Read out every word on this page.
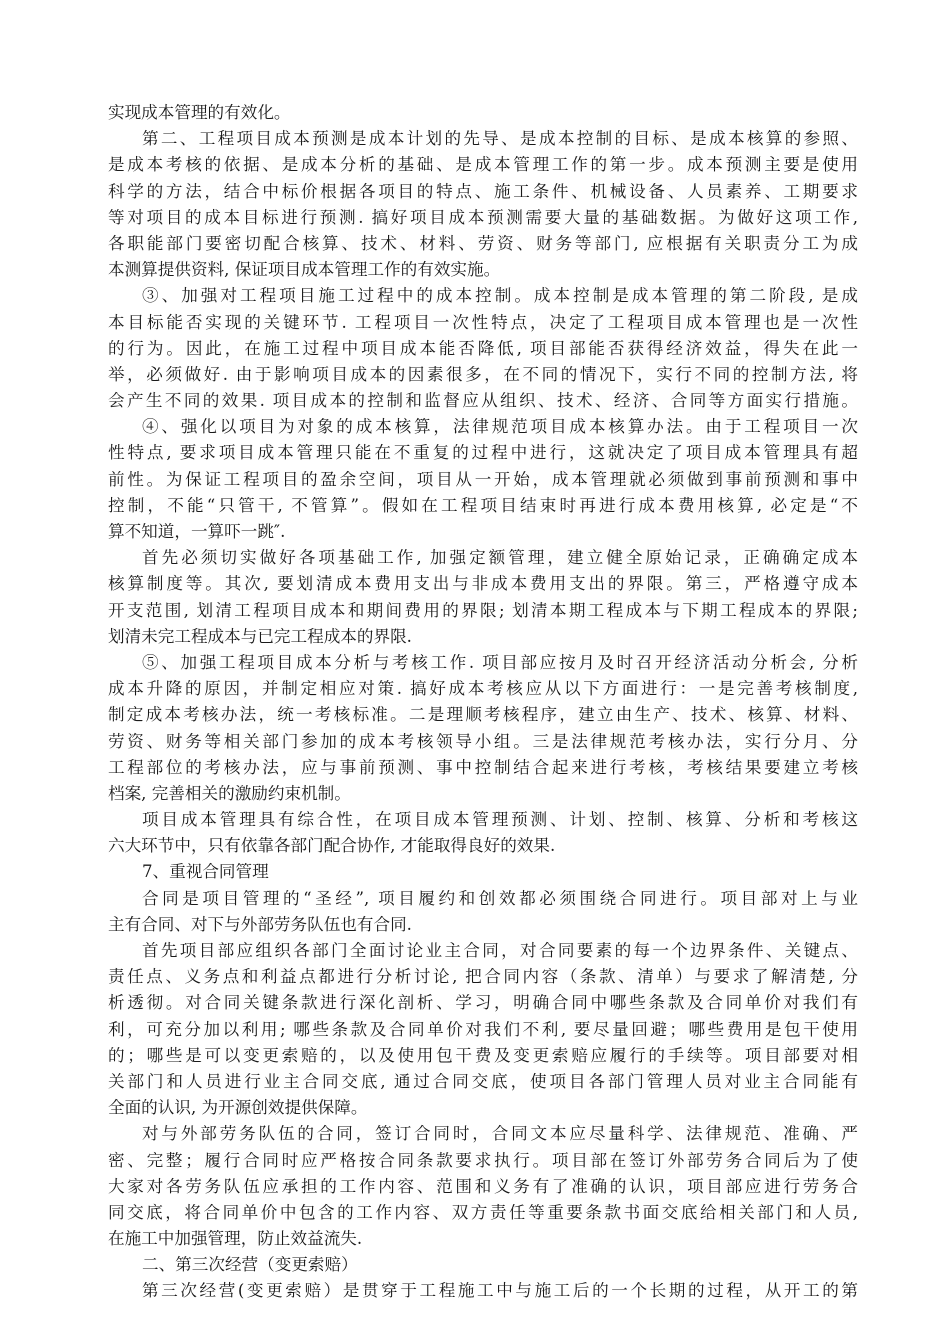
实现成本管理的有效化。
第二、工程项目成本预测是成本计划的先导、是成本控制的目标、是成本核算的参照、
是成本考核的依据、是成本分析的基础、是成本管理工作的第一步。成本预测主要是使用
科学的方法，结合中标价根据各项目的特点、施工条件、机械设备、人员素养、工期要求
等对项目的成本目标进行预测. 搞好项目成本预测需要大量的基础数据。为做好这项工作,
各职能部门要密切配合核算、技术、材料、劳资、财务等部门, 应根据有关职责分工为成
本测算提供资料, 保证项目成本管理工作的有效实施。
③、加强对工程项目施工过程中的成本控制。成本控制是成本管理的第二阶段, 是成
本目标能否实现的关键环节. 工程项目一次性特点，决定了工程项目成本管理也是一次性
的行为。因此，在施工过程中项目成本能否降低, 项目部能否获得经济效益，得失在此一
举，必须做好. 由于影响项目成本的因素很多，在不同的情况下，实行不同的控制方法, 将
会产生不同的效果. 项目成本的控制和监督应从组织、技术、经济、合同等方面实行措施。
④、强化以项目为对象的成本核算，法律规范项目成本核算办法。由于工程项目一次
性特点, 要求项目成本管理只能在不重复的过程中进行，这就决定了项目成本管理具有超
前性。为保证工程项目的盈余空间，项目从一开始，成本管理就必须做到事前预测和事中
控制，不能“只管干, 不管算”。假如在工程项目结束时再进行成本费用核算, 必定是“不
算不知道，一算吓一跳″.
首先必须切实做好各项基础工作, 加强定额管理，建立健全原始记录，正确确定成本
核算制度等。其次, 要划清成本费用支出与非成本费用支出的界限。第三，严格遵守成本
开支范围, 划清工程项目成本和期间费用的界限; 划清本期工程成本与下期工程成本的界限;
划清未完工程成本与已完工程成本的界限.
⑤、加强工程项目成本分析与考核工作. 项目部应按月及时召开经济活动分析会, 分析
成本升降的原因，并制定相应对策. 搞好成本考核应从以下方面进行：一是完善考核制度,
制定成本考核办法，统一考核标准。二是理顺考核程序，建立由生产、技术、核算、材料、
劳资、财务等相关部门参加的成本考核领导小组。三是法律规范考核办法，实行分月、分
工程部位的考核办法，应与事前预测、事中控制结合起来进行考核，考核结果要建立考核
档案, 完善相关的激励约束机制。
项目成本管理具有综合性，在项目成本管理预测、计划、控制、核算、分析和考核这
六大环节中，只有依靠各部门配合协作, 才能取得良好的效果.
7、重视合同管理
合同是项目管理的“圣经”, 项目履约和创效都必须围绕合同进行。项目部对上与业
主有合同、对下与外部劳务队伍也有合同.
首先项目部应组织各部门全面讨论业主合同，对合同要素的每一个边界条件、关键点、
责任点、义务点和利益点都进行分析讨论, 把合同内容（条款、清单）与要求了解清楚, 分
析透彻。对合同关键条款进行深化剖析、学习，明确合同中哪些条款及合同单价对我们有
利，可充分加以利用; 哪些条款及合同单价对我们不利, 要尽量回避；哪些费用是包干使用
的；哪些是可以变更索赔的，以及使用包干费及变更索赔应履行的手续等。项目部要对相
关部门和人员进行业主合同交底, 通过合同交底，使项目各部门管理人员对业主合同能有
全面的认识, 为开源创效提供保障。
对与外部劳务队伍的合同，签订合同时，合同文本应尽量科学、法律规范、准确、严
密、完整；履行合同时应严格按合同条款要求执行。项目部在签订外部劳务合同后为了使
大家对各劳务队伍应承担的工作内容、范围和义务有了准确的认识，项目部应进行劳务合
同交底，将合同单价中包含的工作内容、双方责任等重要条款书面交底给相关部门和人员,
在施工中加强管理，防止效益流失.
二、第三次经营（变更索赔）
第三次经营(变更索赔）是贯穿于工程施工中与施工后的一个长期的过程，从开工的第
